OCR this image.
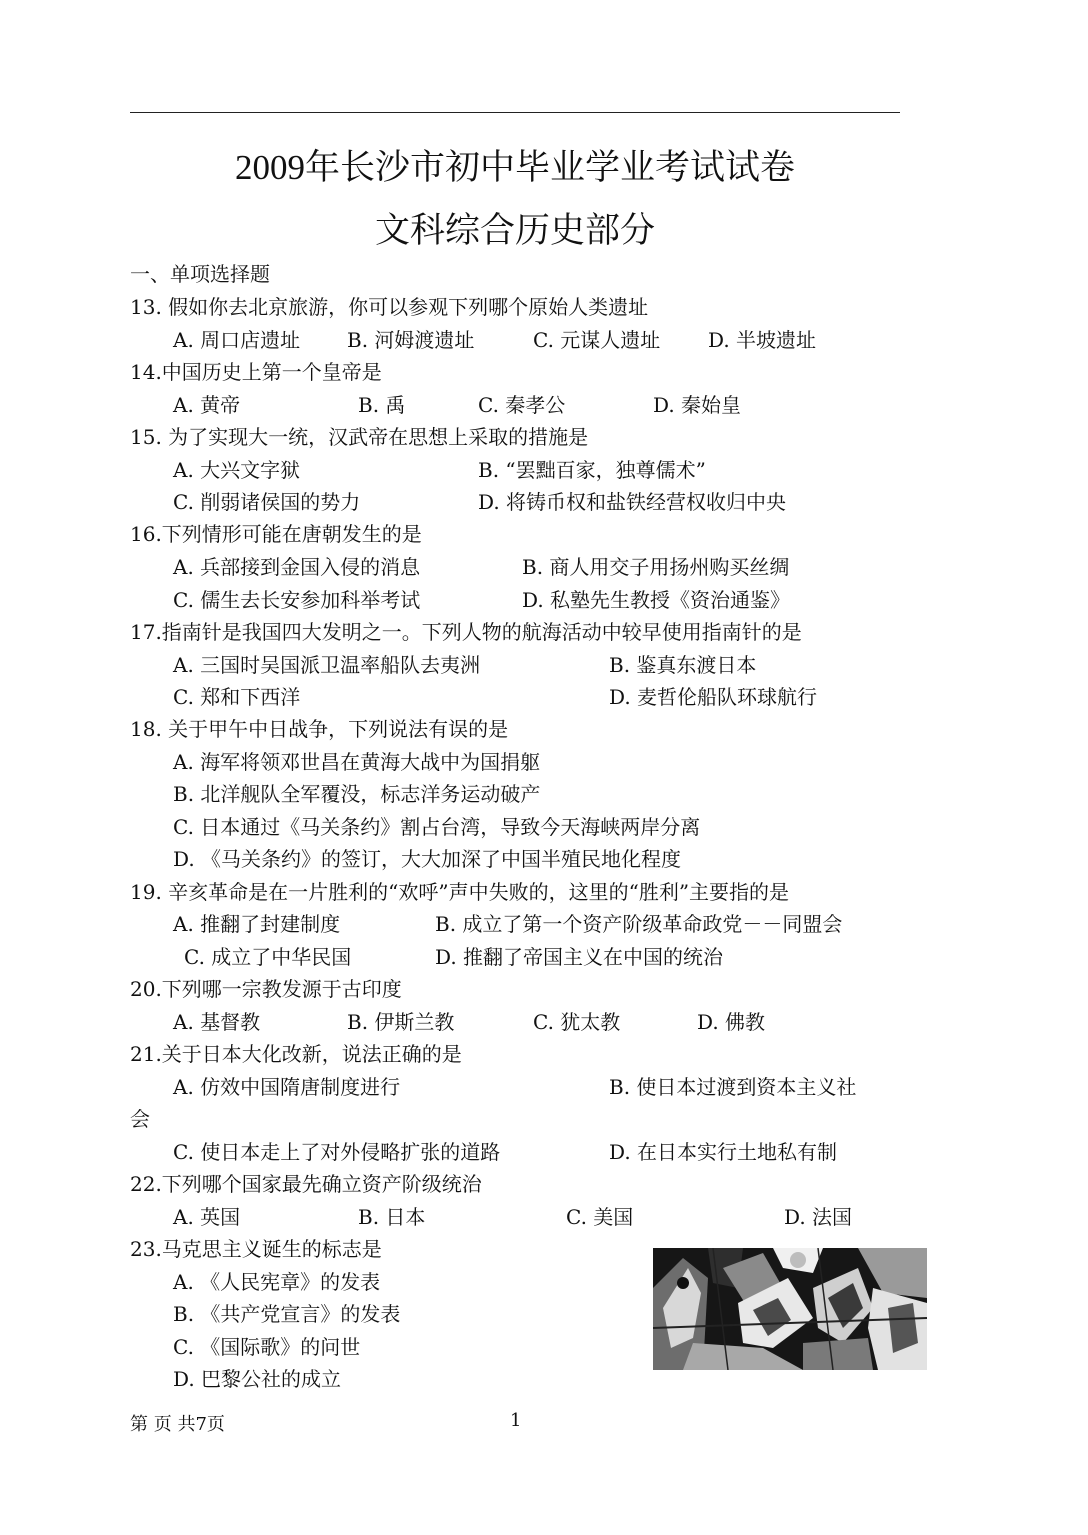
2009年长沙市初中毕业学业考试试卷
文科综合历史部分
一、单项选择题
13. 假如你去北京旅游，你可以参观下列哪个原始人类遗址
A. 周口店遗址 B. 河姆渡遗址	C. 元谋人遗址 D. 半坡遗址
14.中国历史上第一个皇帝是
A. 黄帝	B. 禹	C. 秦孝公	D. 秦始皇
15. 为了实现大一统，汉武帝在思想上采取的措施是
A. 大兴文字狱	B. “罢黜百家，独尊儒术”
C. 削弱诸侯国的势力	D. 将铸币权和盐铁经营权收归中央
16.下列情形可能在唐朝发生的是
A. 兵部接到金国入侵的消息	B. 商人用交子用扬州购买丝绸
C. 儒生去长安参加科举考试	D. 私塾先生教授《资治通鉴》
17.指南针是我国四大发明之一。下列人物的航海活动中较早使用指南针的是
A. 三国时吴国派卫温率船队去夷洲	B. 鉴真东渡日本
C. 郑和下西洋	D. 麦哲伦船队环球航行
18. 关于甲午中日战争，下列说法有误的是
A. 海军将领邓世昌在黄海大战中为国捐躯
B. 北洋舰队全军覆没，标志洋务运动破产
C. 日本通过《马关条约》割占台湾，导致今天海峡两岸分离
D. 《马关条约》的签订，大大加深了中国半殖民地化程度
19. 辛亥革命是在一片胜利的“欢呼”声中失败的，这里的“胜利”主要指的是
A. 推翻了封建制度	B. 成立了第一个资产阶级革命政党－－同盟会
C. 成立了中华民国	D. 推翻了帝国主义在中国的统治
20.下列哪一宗教发源于古印度
A. 基督教	B. 伊斯兰教	C. 犹太教	D. 佛教
21.关于日本大化改新，说法正确的是
A. 仿效中国隋唐制度进行	B. 使日本过渡到资本主义社
会
C. 使日本走上了对外侵略扩张的道路	D. 在日本实行土地私有制
22.下列哪个国家最先确立资产阶级统治
A. 英国	B. 日本	C. 美国	D. 法国
23.马克思主义诞生的标志是
A. 《人民宪章》的发表
B. 《共产党宣言》的发表
C. 《国际歌》的问世
D. 巴黎公社的成立
第 页 共7页	1
